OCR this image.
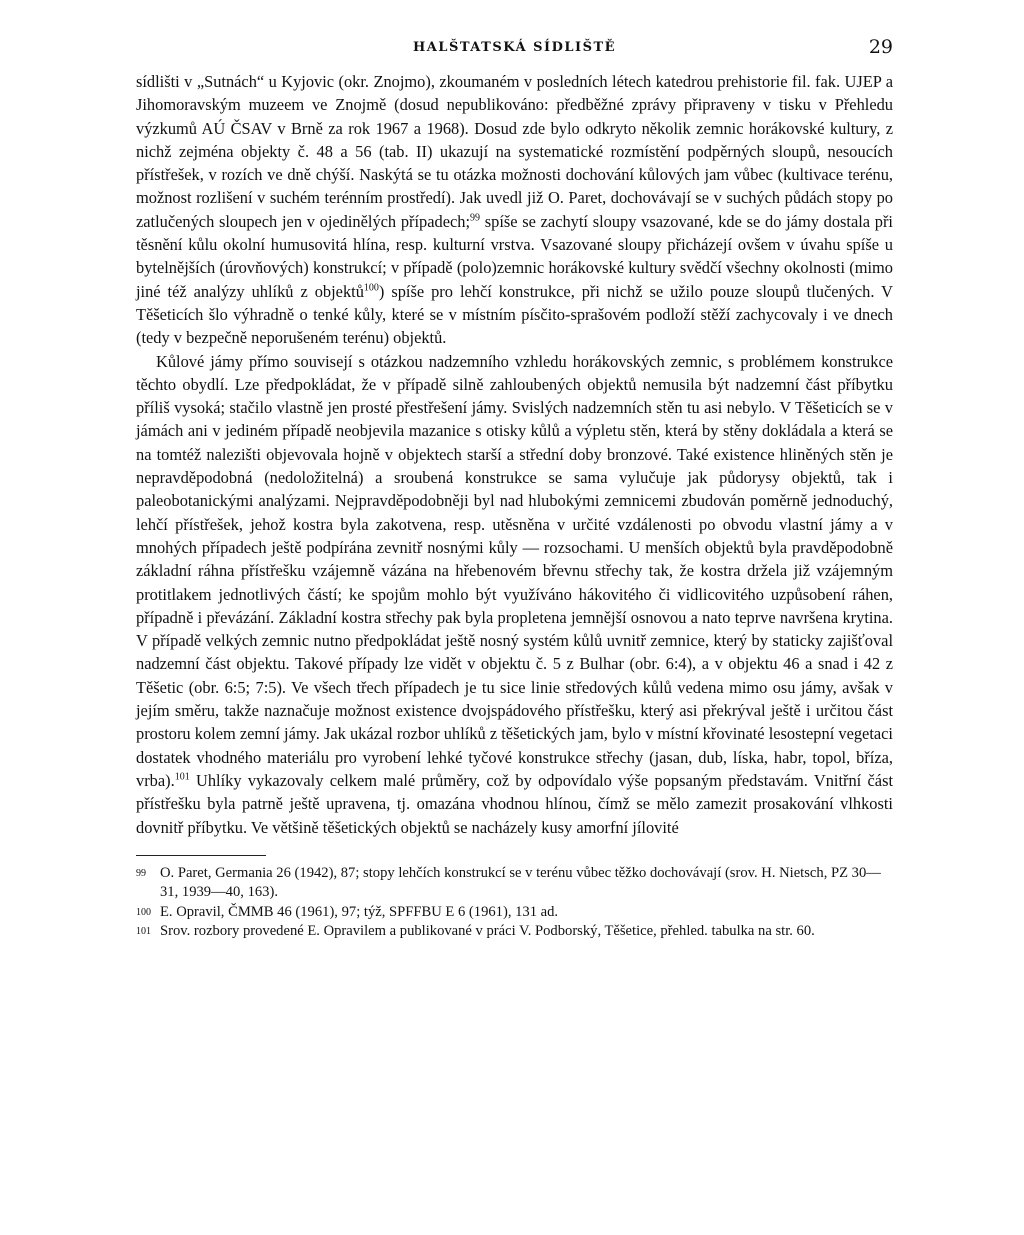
HALŠTATSKÁ SÍDLIŠTĚ	29

sídlišti v „Sutnách“ u Kyjovic (okr. Znojmo), zkoumaném v posledních létech katedrou prehistorie fil. fak. UJEP a Jihomoravským muzeem ve Znojmě (dosud nepublikováno: předběžné zprávy připraveny v tisku v Přehledu výzkumů AÚ ČSAV v Brně za rok 1967 a 1968). Dosud zde bylo odkryto několik zemnic horákovské kultury, z nichž zejména objekty č. 48 a 56 (tab. II) ukazují na systematické rozmístění podpěrných sloupů, nesoucích přístřešek, v rozích ve dně chýší. Naskýtá se tu otázka možnosti dochování kůlových jam vůbec (kultivace terénu, možnost rozlišení v suchém terénním prostředí). Jak uvedl již O. Paret, dochovávají se v suchých půdách stopy po zatlučených sloupech jen v ojedinělých případech;$^{99}$ spíše se zachytí sloupy vsazované, kde se do jámy dostala při těsnění kůlu okolní humusovitá hlína, resp. kulturní vrstva. Vsazované sloupy přicházejí ovšem v úvahu spíše u bytelnějších (úrovňových) konstrukcí; v případě (polo)zemnic horákovské kultury svědčí všechny okolnosti (mimo jiné též analýzy uhlíků z objektů$^{100}$) spíše pro lehčí konstrukce, při nichž se užilo pouze sloupů tlučených. V Těšeticích šlo výhradně o tenké kůly, které se v místním písčito-sprašovém podloží stěží zachycovaly i ve dnech (tedy v bezpečně neporušeném terénu) objektů.

Kůlové jámy přímo souvisejí s otázkou nadzemního vzhledu horákovských zemnic, s problémem konstrukce těchto obydlí. Lze předpokládat, že v případě silně zahloubených objektů nemusila být nadzemní část příbytku příliš vysoká; stačilo vlastně jen prosté přestřešení jámy. Svislých nadzemních stěn tu asi nebylo. V Těšeticích se v jámách ani v jediném případě neobjevila mazanice s otisky kůlů a výpletu stěn, která by stěny dokládala a která se na tomtéž nalezišti objevovala hojně v objektech starší a střední doby bronzové. Také existence hliněných stěn je nepravděpodobná (nedoložitelná) a sroubená konstrukce se sama vylučuje jak půdorysy objektů, tak i paleobotanickými analýzami. Nejpravděpodobněji byl nad hlubokými zemnicemi zbudován poměrně jednoduchý, lehčí přístřešek, jehož kostra byla zakotvena, resp. utěsněna v určité vzdálenosti po obvodu vlastní jámy a v mnohých případech ještě podpírána zevnitř nosnými kůly — rozsochami. U menších objektů byla pravděpodobně základní ráhna přístřešku vzájemně vázána na hřebenovém břevnu střechy tak, že kostra držela již vzájemným protitlakem jednotlivých částí; ke spojům mohlo být využíváno hákovitého či vidlicovitého uzpůsobení ráhen, případně i převázání. Základní kostra střechy pak byla propletena jemnější osnovou a nato teprve navršena krytina. V případě velkých zemnic nutno předpokládat ještě nosný systém kůlů uvnitř zemnice, který by staticky zajišťoval nadzemní část objektu. Takové případy lze vidět v objektu č. 5 z Bulhar (obr. 6:4), a v objektu 46 a snad i 42 z Těšetic (obr. 6:5; 7:5). Ve všech třech případech je tu sice linie středových kůlů vedena mimo osu jámy, avšak v jejím směru, takže naznačuje možnost existence dvojspádového přístřešku, který asi překrýval ještě i určitou část prostoru kolem zemní jámy. Jak ukázal rozbor uhlíků z těšetických jam, bylo v místní křovinaté lesostepní vegetaci dostatek vhodného materiálu pro vyrobení lehké tyčové konstrukce střechy (jasan, dub, líska, habr, topol, bříza, vrba).$^{101}$ Uhlíky vykazovaly celkem malé průměry, což by odpovídalo výše popsaným představám. Vnitřní část přístřešku byla patrně ještě upravena, tj. omazána vhodnou hlínou, čímž se mělo zamezit prosakování vlhkosti dovnitř příbytku. Ve většině těšetických objektů se nacházely kusy amorfní jílovité

99 O. Paret, Germania 26 (1942), 87; stopy lehčích konstrukcí se v terénu vůbec těžko dochovávají (srov. H. Nietsch, PZ 30—31, 1939—40, 163).
100 E. Opravil, ČMMB 46 (1961), 97; týž, SPFFBU E 6 (1961), 131 ad.
101 Srov. rozbory provedené E. Opravilem a publikované v práci V. Podborský, Těšetice, přehled. tabulka na str. 60.
